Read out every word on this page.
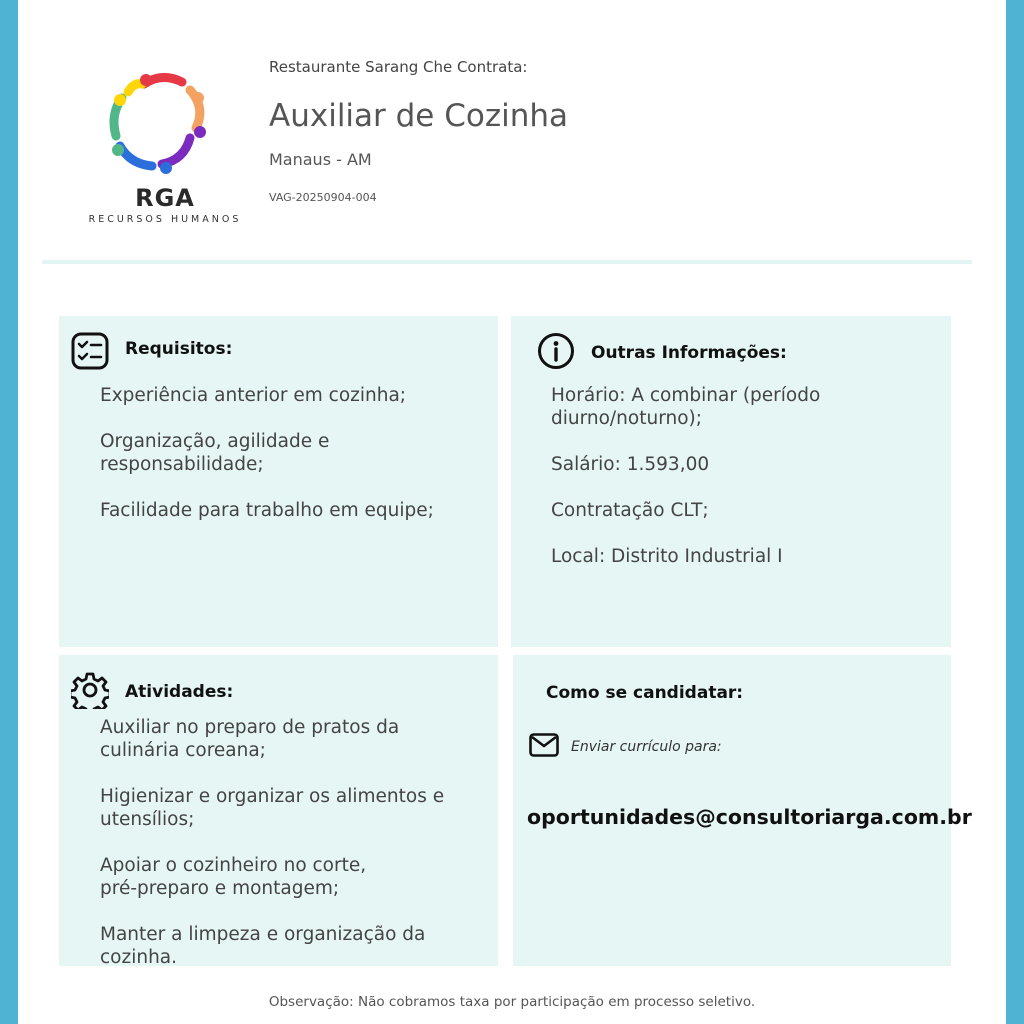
RGA
RECURSOS HUMANOS
Restaurante Sarang Che Contrata:
Auxiliar de Cozinha
Manaus - AM
VAG-20250904-004
Requisitos:
Experiência anterior em cozinha;
Organização, agilidade e responsabilidade;
Facilidade para trabalho em equipe;
Outras Informações:
Horário: A combinar (período diurno/noturno);
Salário: 1.593,00
Contratação CLT;
Local: Distrito Industrial I
Atividades:
Auxiliar no preparo de pratos da culinária coreana;
Higienizar e organizar os alimentos e utensílios;
Apoiar o cozinheiro no corte, pré-preparo e montagem;
Manter a limpeza e organização da cozinha.
Como se candidatar:
Enviar currículo para:
oportunidades@consultoriarga.com.br
Observação: Não cobramos taxa por participação em processo seletivo.
